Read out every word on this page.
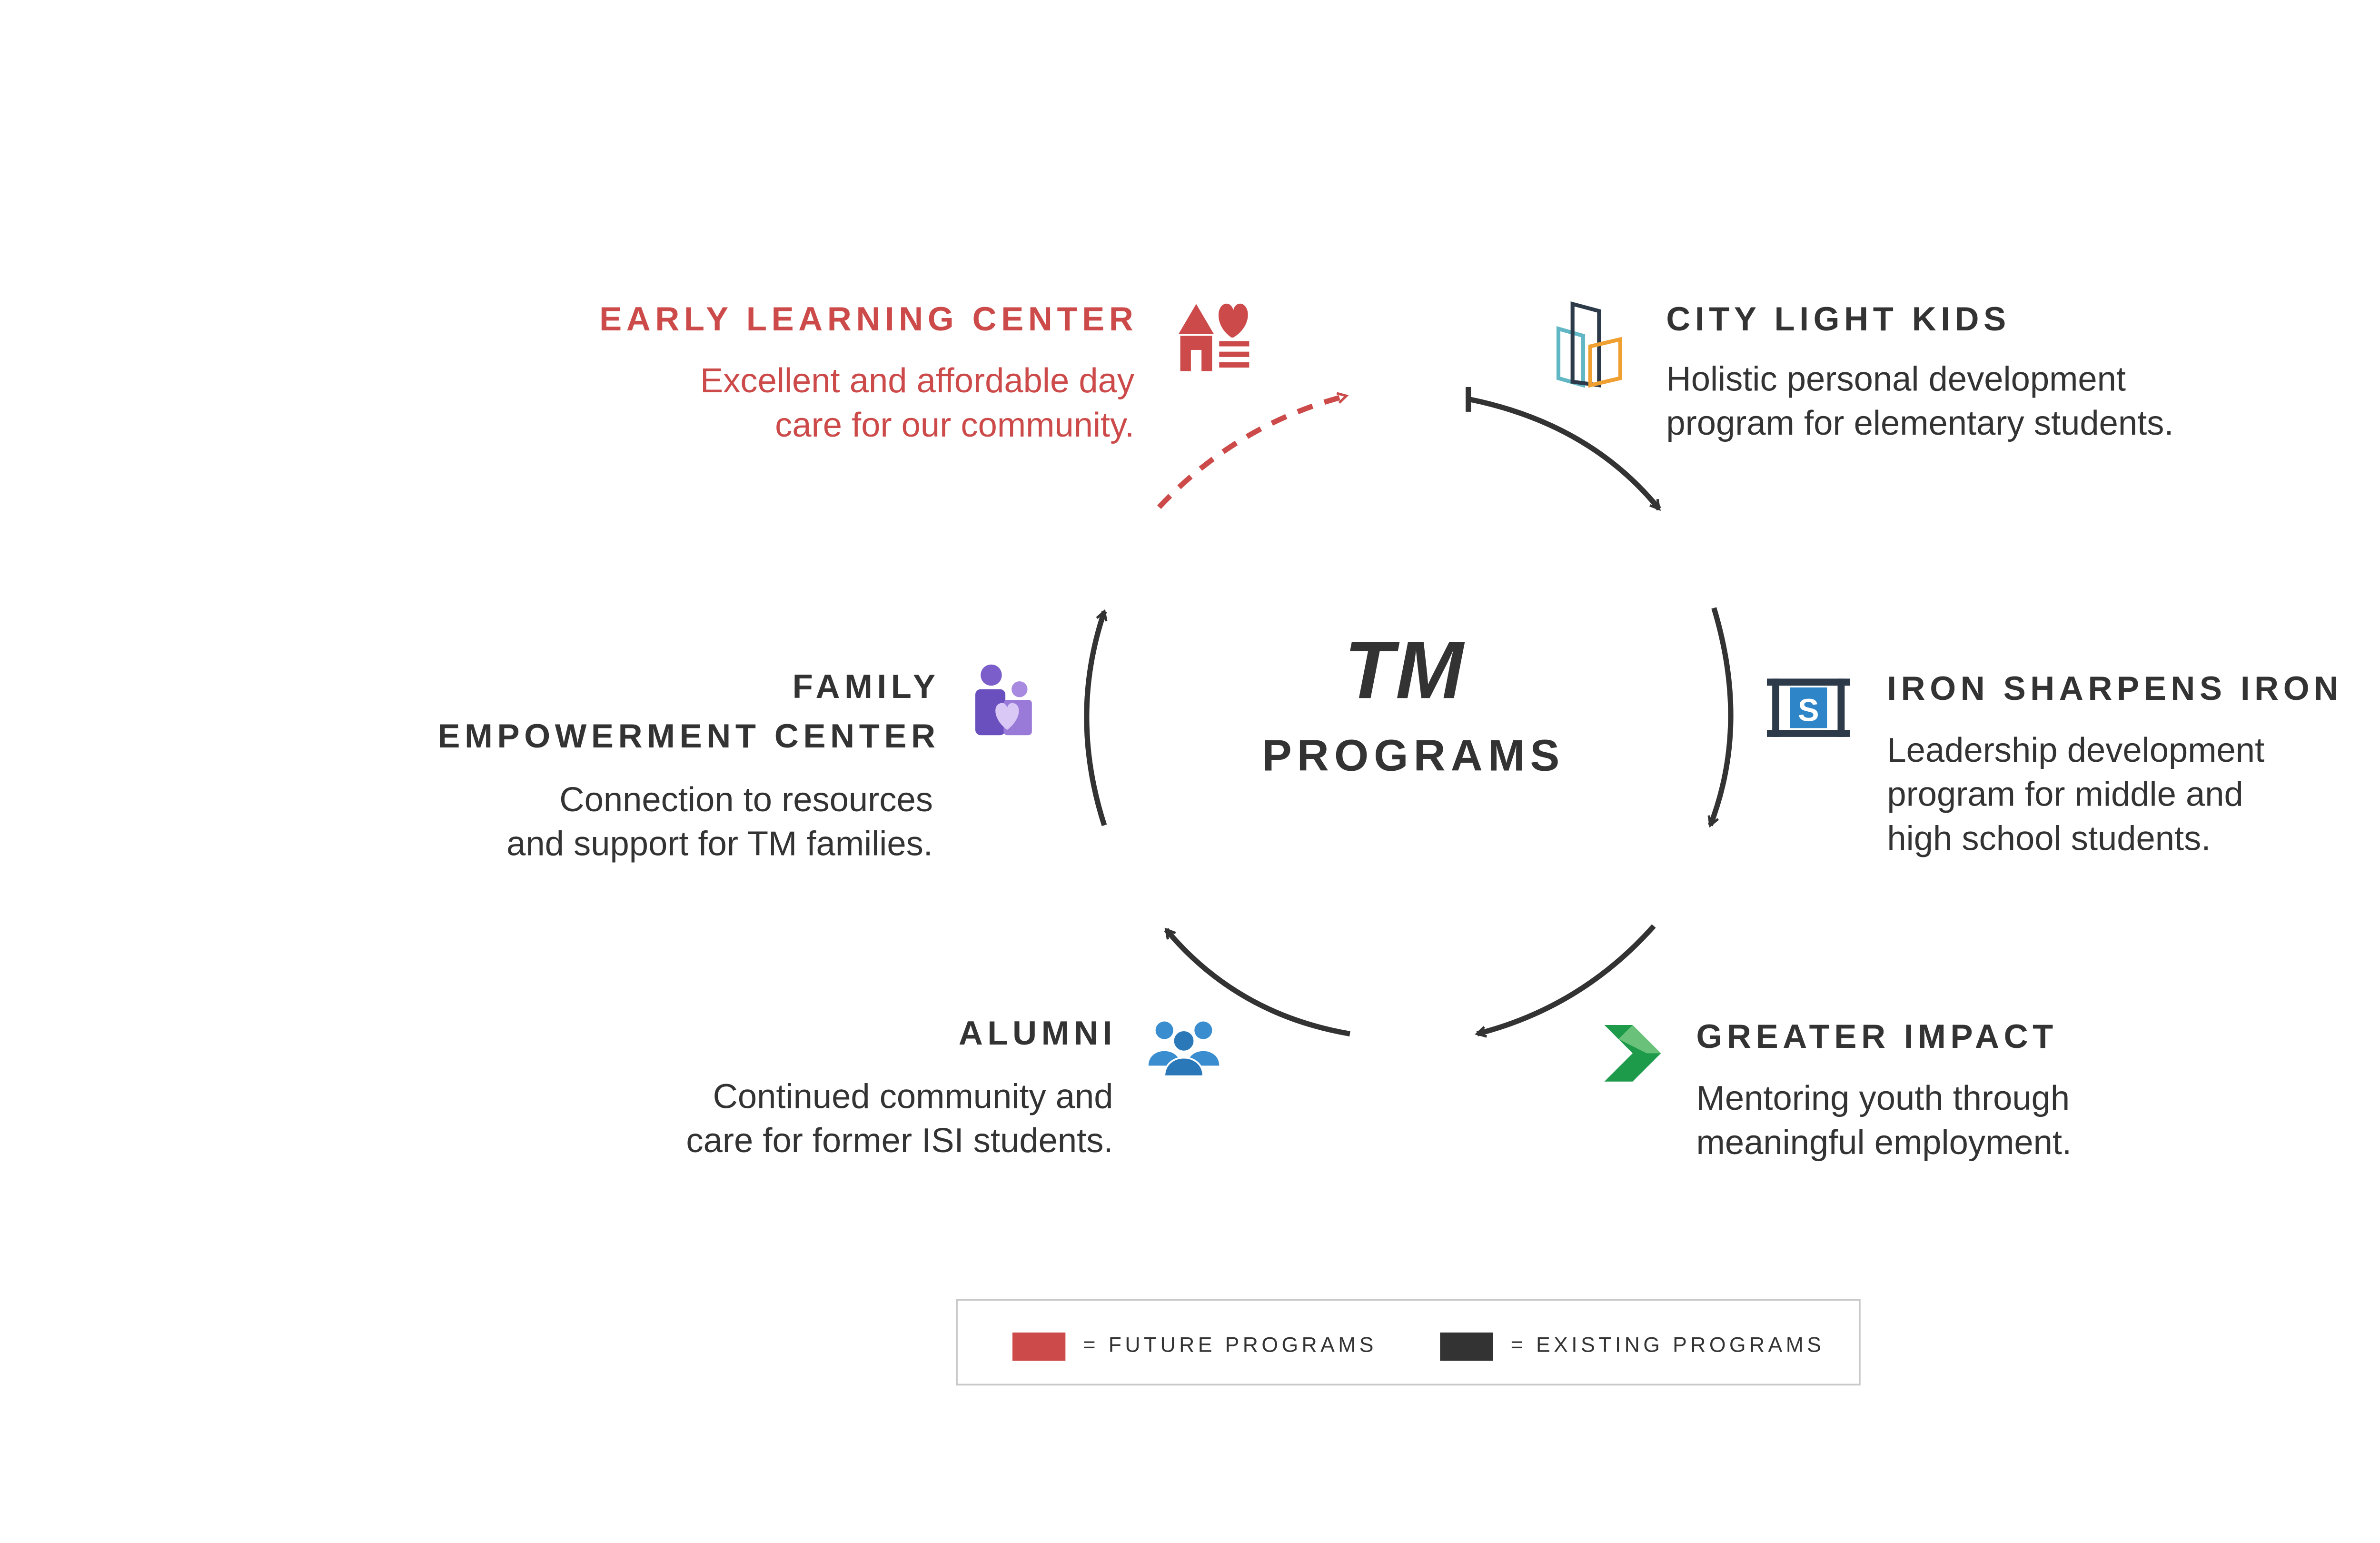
S
EARLY LEARNING CENTER
Excellent and affordable day
care for our community.
CITY LIGHT KIDS
Holistic personal development
program for elementary students.
IRON SHARPENS IRON
Leadership development
program for middle and
high school students.
GREATER IMPACT
Mentoring youth through
meaningful employment.
ALUMNI
Continued community and
care for former ISI students.
FAMILY
EMPOWERMENT CENTER
Connection to resources
and support for TM families.
TM
PROGRAMS
= FUTURE PROGRAMS	= EXISTING PROGRAMS
